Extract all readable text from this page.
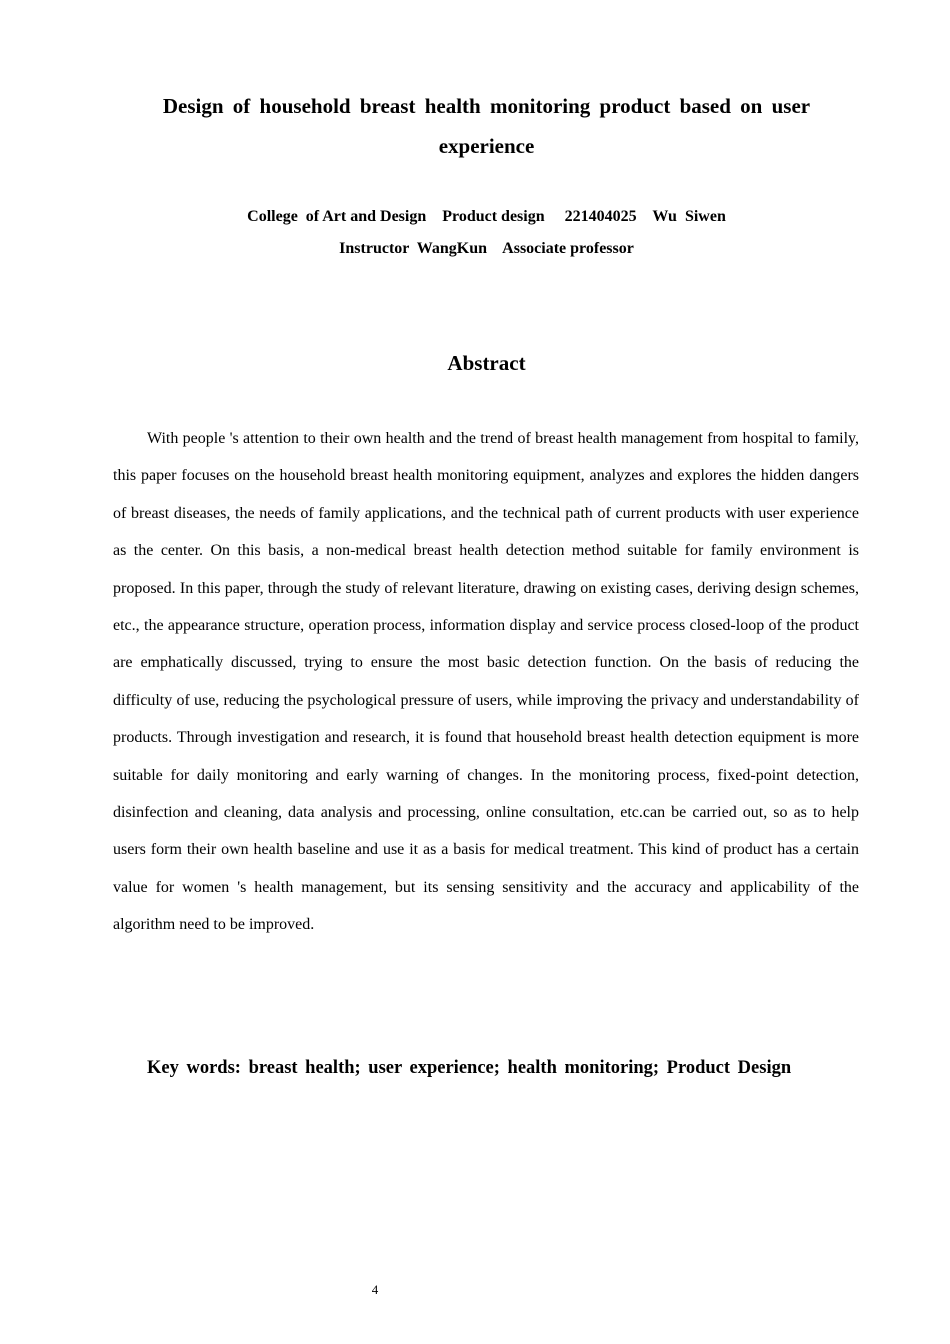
Design of household breast health monitoring product based on user experience
College  of Art and Design    Product design     221404025    Wu  Siwen
Instructor  WangKun    Associate professor
Abstract
With people 's attention to their own health and the trend of breast health management from hospital to family, this paper focuses on the household breast health monitoring equipment, analyzes and explores the hidden dangers of breast diseases, the needs of family applications, and the technical path of current products with user experience as the center. On this basis, a non-medical breast health detection method suitable for family environment is proposed. In this paper, through the study of relevant literature, drawing on existing cases, deriving design schemes, etc., the appearance structure, operation process, information display and service process closed-loop of the product are emphatically discussed, trying to ensure the most basic detection function. On the basis of reducing the difficulty of use, reducing the psychological pressure of users, while improving the privacy and understandability of products. Through investigation and research, it is found that household breast health detection equipment is more suitable for daily monitoring and early warning of changes. In the monitoring process, fixed-point detection, disinfection and cleaning, data analysis and processing, online consultation, etc.can be carried out, so as to help users form their own health baseline and use it as a basis for medical treatment. This kind of product has a certain value for women 's health management, but its sensing sensitivity and the accuracy and applicability of the algorithm need to be improved.
Key words: breast health; user experience; health monitoring; Product Design
4
